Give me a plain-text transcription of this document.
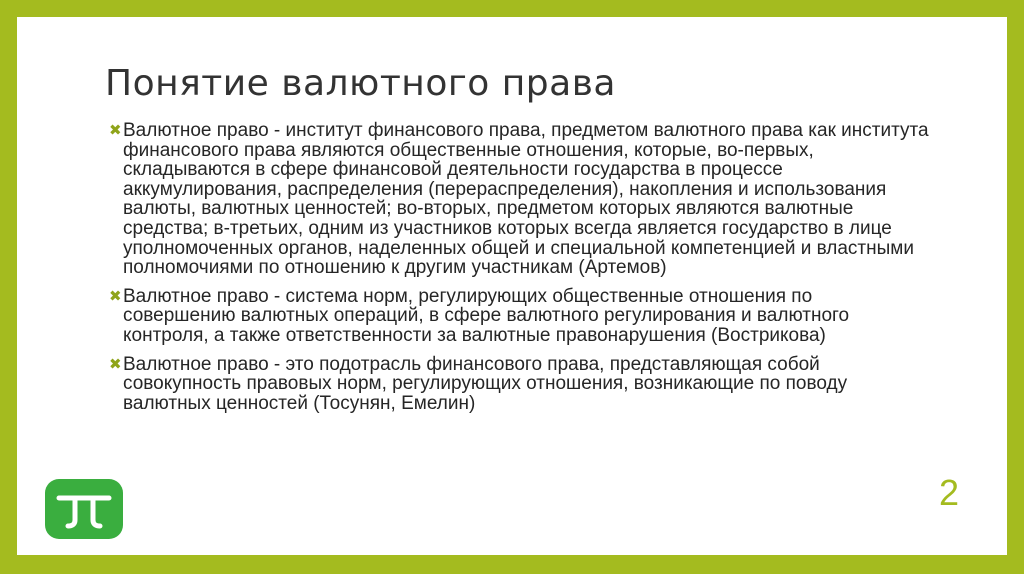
Понятие валютного права
✖ Валютное право - институт финансового права, предметом валютного права как института финансового права являются общественные отношения, которые, во-первых, складываются в сфере финансовой деятельности государства в процессе аккумулирования, распределения (перераспределения), накопления и использования валюты, валютных ценностей; во-вторых, предметом которых являются валютные средства; в-третьих, одним из участников которых всегда является государство в лице уполномоченных органов, наделенных общей и специальной компетенцией и властными полномочиями по отношению к другим участникам (Артемов)
✖ Валютное право - система норм, регулирующих общественные отношения по совершению валютных операций, в сфере валютного регулирования и валютного контроля, а также ответственности за валютные правонарушения (Вострикова)
✖ Валютное право - это подотрасль финансового права, представляющая собой совокупность правовых норм, регулирующих отношения, возникающие по поводу валютных ценностей (Тосунян, Емелин)
2
